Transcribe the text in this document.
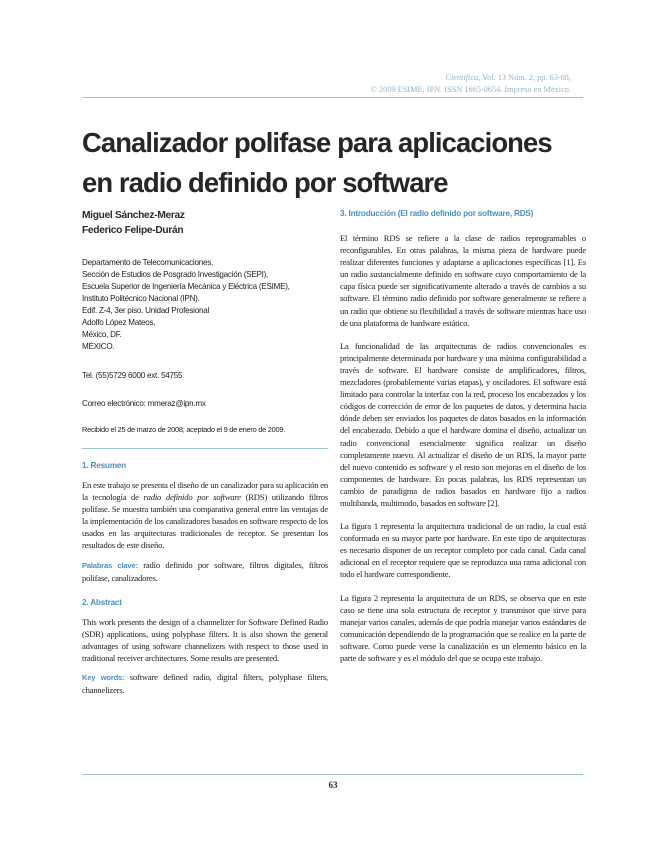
Científica, Vol. 13 Núm. 2, pp. 63-68,
© 2009 ESIME, IPN. ISSN 1665-0654. Impreso en México.
Canalizador polifase para aplicaciones
en radio definido por software
Miguel Sánchez-Meraz
Federico Felipe-Durán
Departamento de Telecomunicaciones,
Sección de Estudios de Posgrado Investigación (SEPI),
Escuela Superior de Ingeniería Mecánica y Eléctrica (ESIME),
Instituto Politécnico Nacional (IPN).
Edif. Z-4, 3er piso. Unidad Profesional
Adolfo López Mateos,
México, DF.
MÉXICO.
Tel. (55)5729 6000 ext. 54755
Correo electrónico: mmeraz@ipn.mx
Recibido el 25 de marzo de 2008; aceptado el 9 de enero de 2009.
1. Resumen

En este trabajo se presenta el diseño de un canalizador para su aplicación en la tecnología de radio definido por software (RDS) utilizando filtros polifase. Se muestra también una comparativa general entre las ventajas de la implementación de los canalizadores basados en software respecto de los usados en las arquitecturas tradicionales de receptor. Se presentan los resultados de este diseño.

Palabras clave: radio definido por software, filtros digitales, filtros polifase, canalizadores.

2. Abstract

This work presents the design of a channelizer for Software Defined Radio (SDR) applications, using polyphase filters. It is also shown the general advantages of using software channelizers with respect to those used in traditional receiver architectures. Some results are presented.

Key words: software defined radio, digital filters, polyphase filters, channelizers.

3. Introducción (El radio definido por software, RDS)

El término RDS se refiere a la clase de radios reprogramables o reconfigurables. En otras palabras, la misma pieza de hardware puede realizar diferentes funciones y adaptarse a aplicaciones específicas [1]. Es un radio sustancialmente definido en software cuyo comportamiento de la capa física puede ser significativamente alterado a través de cambios a su software. El término radio definido por software generalmente se refiere a un radio que obtiene su flexibilidad a través de software mientras hace uso de una plataforma de hardware estático.

La funcionalidad de las arquitecturas de radios convencionales es principalmente determinada por hardware y una mínima configurabilidad a través de software. El hardware consiste de amplificadores, filtros, mezcladores (probablemente varias etapas), y osciladores. El software está limitado para controlar la interfaz con la red, proceso los encabezados y los códigos de corrección de error de los paquetes de datos, y determina hacia dónde deben ser enviados los paquetes de datos basados en la información del encabezado. Debido a que el hardware domina el diseño, actualizar un radio convencional esencialmente significa realizar un diseño completamente nuevo. Al actualizar el diseño de un RDS, la mayor parte del nuevo contenido es software y el resto son mejoras en el diseño de los componentes de hardware. En pocas palabras, los RDS representan un cambio de paradigma de radios basados en hardware fijo a radios multibanda, multimodo, basados en software [2].

La figura 1 representa la arquitectura tradicional de un radio, la cual está conformada en su mayor parte por hardware. En este tipo de arquitecturas es necesario disponer de un receptor completo por cada canal. Cada canal adicional en el receptor requiere que se reproduzca una rama adicional con todo el hardware correspondiente.

La figura 2 representa la arquitectura de un RDS, se observa que en este caso se tiene una sola estructura de receptor y transmisor que sirve para manejar varios canales, además de que podría manejar varios estándares de comunicación dependiendo de la programación que se realice en la parte de software. Como puede verse la canalización es un elemento básico en la parte de software y es el módulo del que se ocupa este trabajo.

63
